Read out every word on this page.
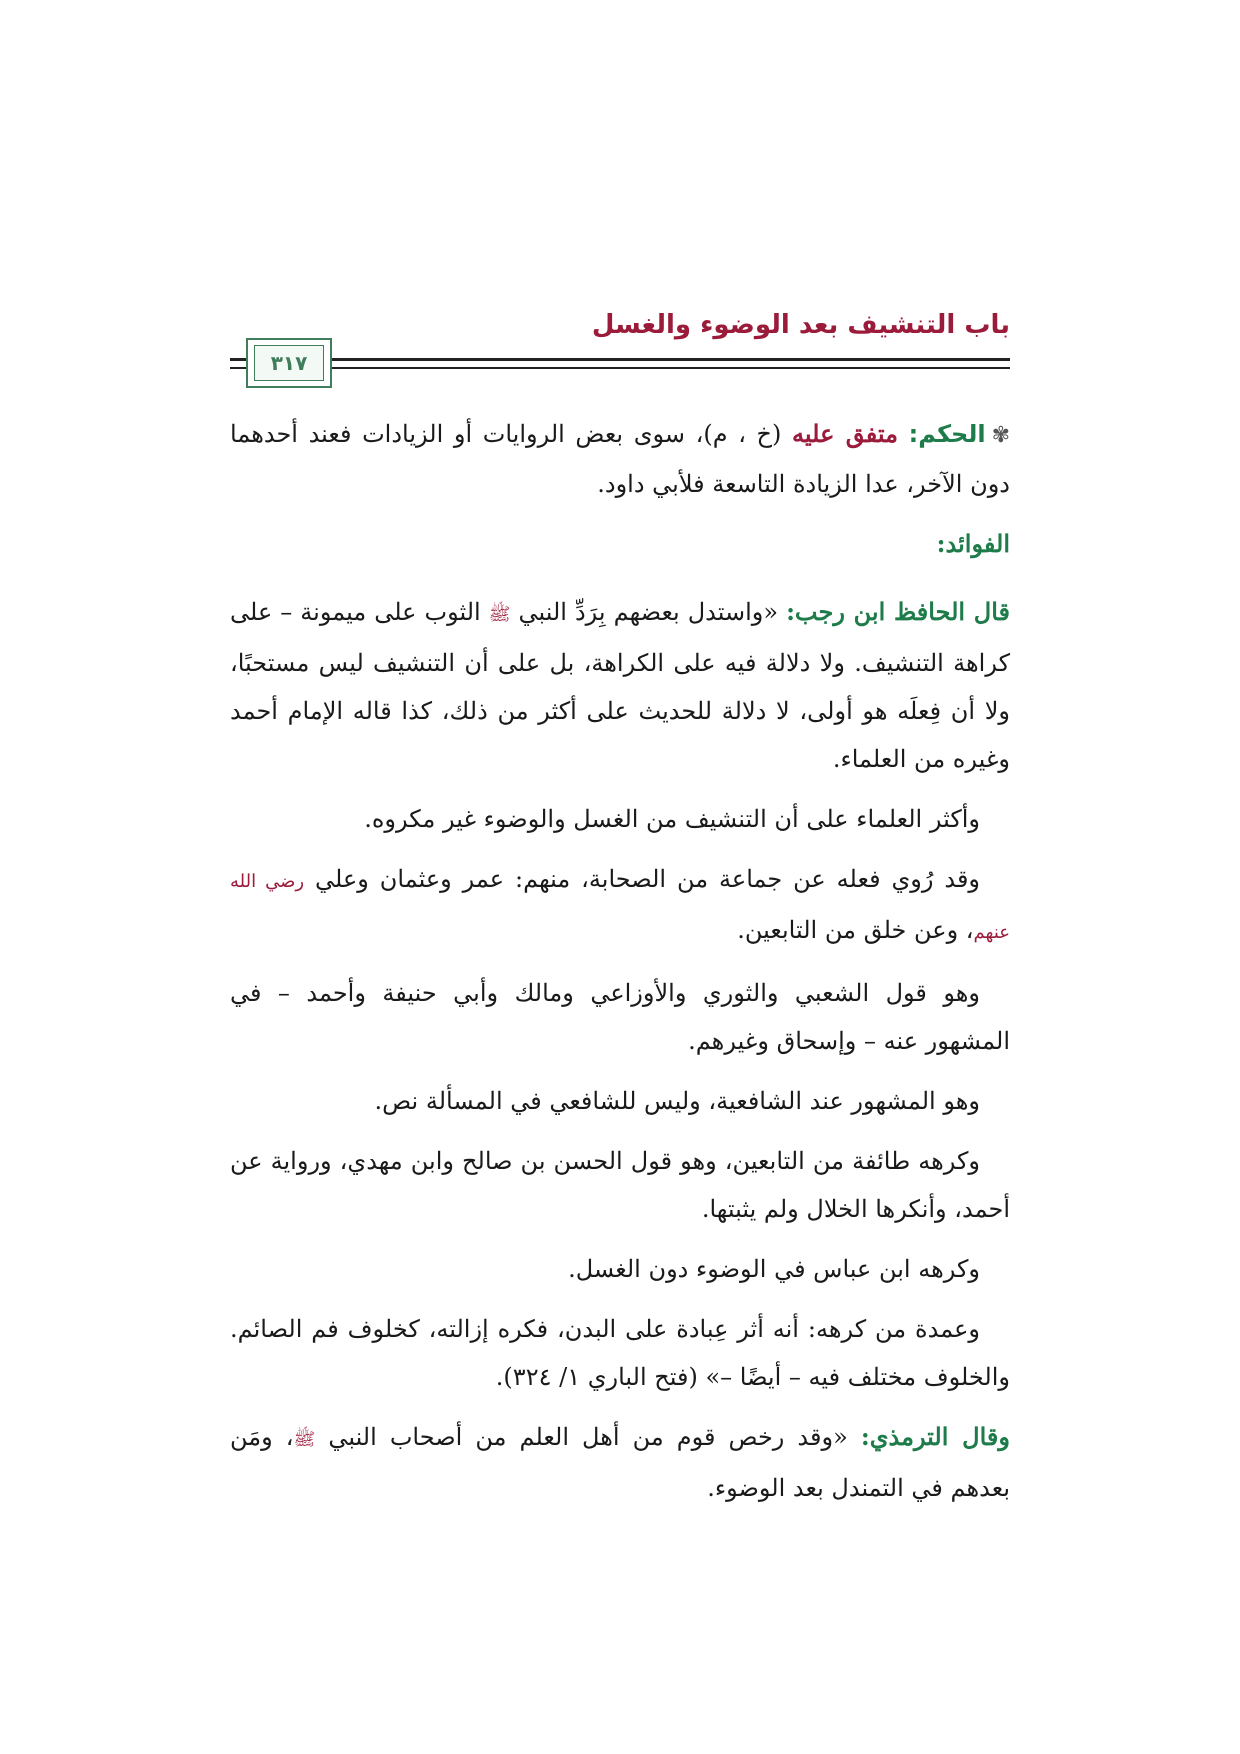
باب التنشيف بعد الوضوء والغسل
٣١٧

✾الحكم: متفق عليه (خ ، م)، سوى بعض الروايات أو الزيادات فعند أحدهما دون الآخر، عدا الزيادة التاسعة فلأبي داود.

الفوائد:

قال الحافظ ابن رجب: «واستدل بعضهم بِرَدِّ النبي ﷺ الثوب على ميمونة – على كراهة التنشيف. ولا دلالة فيه على الكراهة، بل على أن التنشيف ليس مستحبًا، ولا أن فِعلَه هو أولى، لا دلالة للحديث على أكثر من ذلك، كذا قاله الإمام أحمد وغيره من العلماء.

وأكثر العلماء على أن التنشيف من الغسل والوضوء غير مكروه.

وقد رُوي فعله عن جماعة من الصحابة، منهم: عمر وعثمان وعلي رضي الله عنهم، وعن خلق من التابعين.

وهو قول الشعبي والثوري والأوزاعي ومالك وأبي حنيفة وأحمد – في المشهور عنه – وإسحاق وغيرهم.

وهو المشهور عند الشافعية، وليس للشافعي في المسألة نص.

وكرهه طائفة من التابعين، وهو قول الحسن بن صالح وابن مهدي، ورواية عن أحمد، وأنكرها الخلال ولم يثبتها.

وكرهه ابن عباس في الوضوء دون الغسل.

وعمدة من كرهه: أنه أثر عِبادة على البدن، فكره إزالته، كخلوف فم الصائم. والخلوف مختلف فيه – أيضًا –» (فتح الباري ١/ ٣٢٤).

وقال الترمذي: «وقد رخص قوم من أهل العلم من أصحاب النبي ﷺ، ومَن بعدهم في التمندل بعد الوضوء.
